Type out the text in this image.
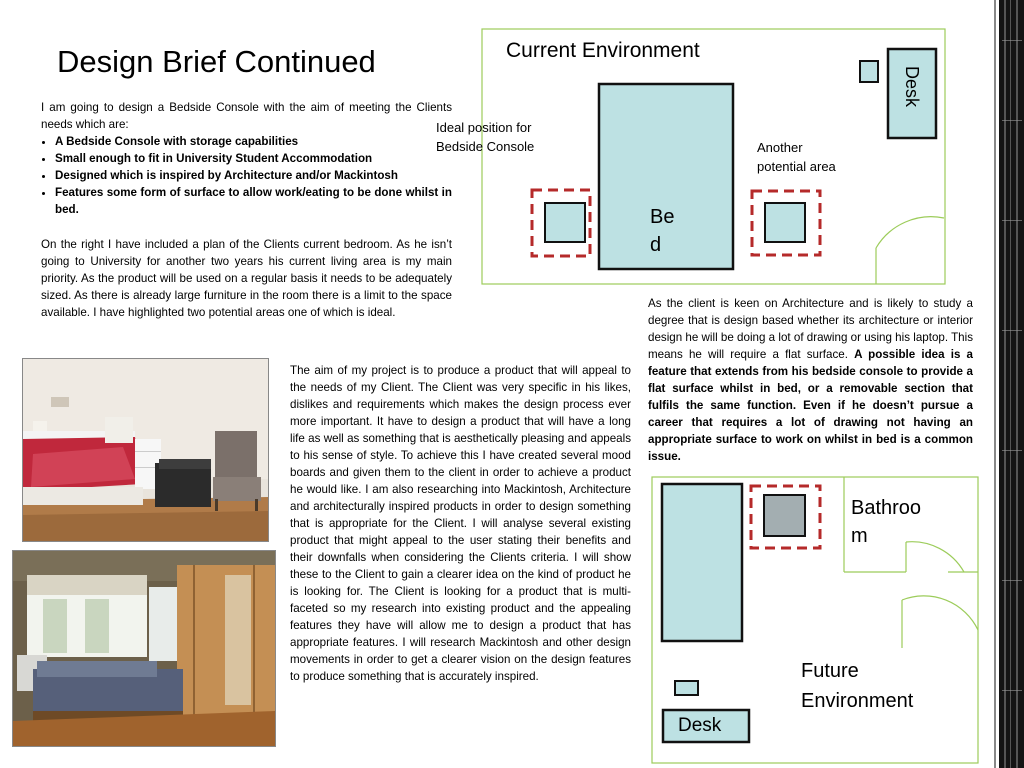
Design Brief Continued
I am going to design a Bedside Console with the aim of meeting the Clients needs which are:
• A Bedside Console with storage capabilities
• Small enough to fit in University Student Accommodation
• Designed which is inspired by Architecture and/or Mackintosh
• Features some form of surface to allow work/eating to be done whilst in bed.
On the right I have included a plan of the Clients current bedroom. As he isn’t going to University for another two years his current living area is my main priority. As the product will be used on a regular basis it needs to be adequately sized. As there is already large furniture in the room there is a limit to the space available. I have highlighted two potential areas one of which is ideal.
The aim of my project is to produce a product that will appeal to the needs of my Client. The Client was very specific in his likes, dislikes and requirements which makes the design process ever more important. It have to design a product that will have a long life as well as something that is aesthetically pleasing and appeals to his sense of style. To achieve this I have created several mood boards and given them to the client in order to achieve a product he would like. I am also researching into Mackintosh, Architecture and architecturally inspired products in order to design something that is appropriate for the Client. I will analyse several existing product that might appeal to the user stating their benefits and their downfalls when considering the Clients criteria. I will show these to the Client to gain a clearer idea on the kind of product he is looking for. The Client is looking for a product that is multi-faceted so my research into existing product and the appealing features they have will allow me to design a product that has appropriate features. I will research Mackintosh and other design movements in order to get a clearer vision on the design features to produce something that is accurately inspired.
Current Environment
Desk
Be
d
Ideal position for
Bedside Console	Another
potential area
As the client is keen on Architecture and is likely to study a degree that is design based whether its architecture or interior design he will be doing a lot of drawing or using his laptop. This means he will require a flat surface. A possible idea is a feature that extends from his bedside console to provide a flat surface whilst in bed, or a removable section that fulfils the same function. Even if he doesn’t pursue a career that requires a lot of drawing not having an appropriate surface to work on whilst in bed is a common issue.
Bathroo
m
Future
Environment
Desk
